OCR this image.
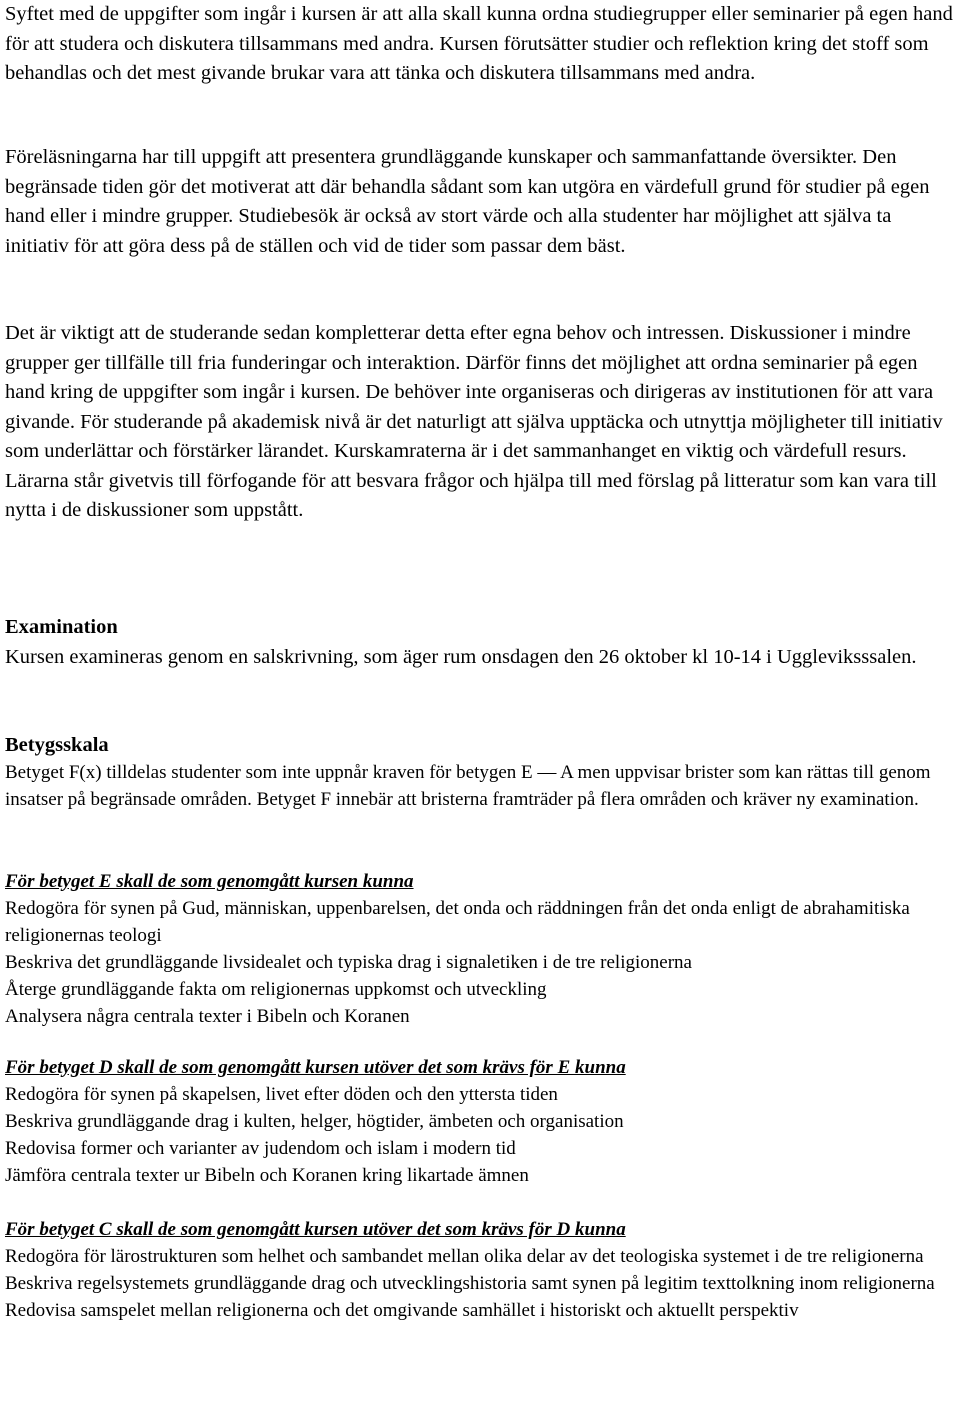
Syftet med de uppgifter som ingår i kursen är att alla skall kunna ordna studiegrupper eller seminarier på egen hand för att studera och diskutera tillsammans med andra. Kursen förutsätter studier och reflektion kring det stoff som behandlas och det mest givande brukar vara att tänka och diskutera tillsammans med andra.

Föreläsningarna har till uppgift att presentera grundläggande kunskaper och sammanfattande översikter. Den begränsade tiden gör det motiverat att där behandla sådant som kan utgöra en värdefull grund för studier på egen hand eller i mindre grupper. Studiebesök är också av stort värde och alla studenter har möjlighet att själva ta initiativ för att göra dess på de ställen och vid de tider som passar dem bäst.

Det är viktigt att de studerande sedan kompletterar detta efter egna behov och intressen. Diskussioner i mindre grupper ger tillfälle till fria funderingar och interaktion. Därför finns det möjlighet att ordna seminarier på egen hand kring de uppgifter som ingår i kursen. De behöver inte organiseras och dirigeras av institutionen för att vara givande. För studerande på akademisk nivå är det naturligt att själva upptäcka och utnyttja möjligheter till initiativ som underlättar och förstärker lärandet. Kurskamraterna är i det sammanhanget en viktig och värdefull resurs. Lärarna står givetvis till förfogande för att besvara frågor och hjälpa till med förslag på litteratur som kan vara till nytta i de diskussioner som uppstått.

Examination
Kursen examineras genom en salskrivning, som äger rum onsdagen den 26 oktober kl 10-14 i Uggleviksssalen.
Betygsskala
Betyget F(x) tilldelas studenter som inte uppnår kraven för betygen E — A men uppvisar brister som kan rättas till genom insatser på begränsade områden. Betyget F innebär att bristerna framträder på flera områden och kräver ny examination.
För betyget E skall de som genomgått kursen kunna
Redogöra för synen på Gud, människan, uppenbarelsen, det onda och räddningen från det onda enligt de abrahamitiska religionernas teologi
Beskriva det grundläggande livsidealet och typiska drag i signaletiken i de tre religionerna
Återge grundläggande fakta om religionernas uppkomst och utveckling
Analysera några centrala texter i Bibeln och Koranen
För betyget D skall de som genomgått kursen utöver det som krävs för E kunna
Redogöra för synen på skapelsen, livet efter döden och den yttersta tiden
Beskriva grundläggande drag i kulten, helger, högtider, ämbeten och organisation
Redovisa former och varianter av judendom och islam i modern tid
Jämföra centrala texter ur Bibeln och Koranen kring likartade ämnen
För betyget C skall de som genomgått kursen utöver det som krävs för D kunna
Redogöra för lärostrukturen som helhet och sambandet mellan olika delar av det teologiska systemet i de tre religionerna
Beskriva regelsystemets grundläggande drag och utvecklingshistoria samt synen på legitim texttolkning inom religionerna
Redovisa samspelet mellan religionerna och det omgivande samhället i historiskt och aktuellt perspektiv
